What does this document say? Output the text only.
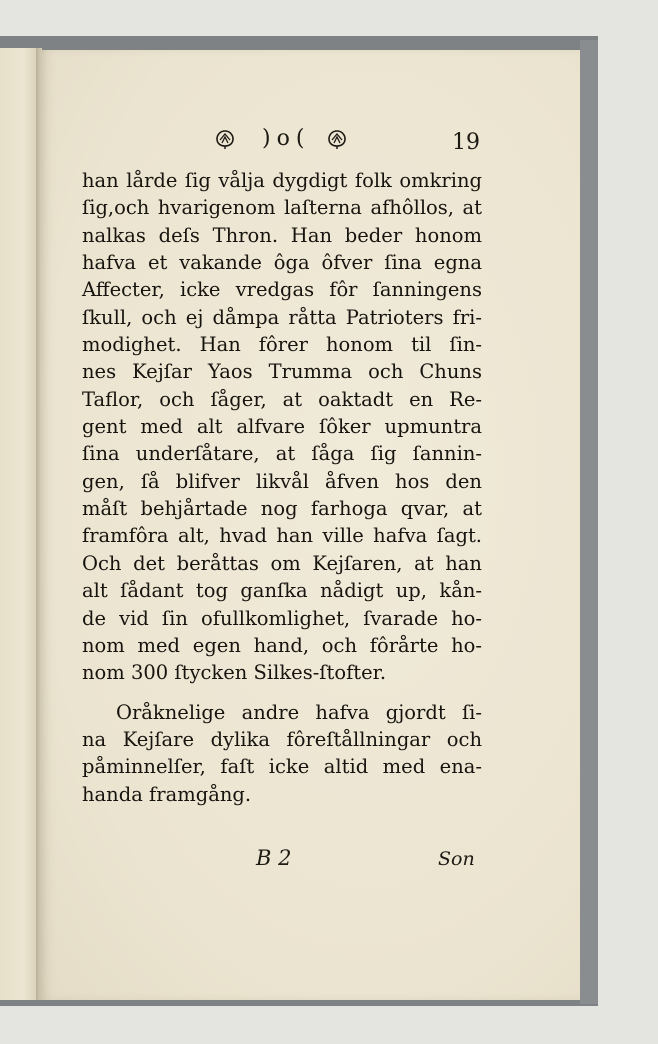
)o(	19
han lårde ſig vålja dygdigt folk omkring
ſig,och hvarigenom laſterna afhôllos, at
nalkas deſs Thron. Han beder honom
hafva et vakande ôga ôfver ſina egna
Affecter, icke vredgas fôr ſanningens
ſkull, och ej dåmpa råtta Patrioters fri-
modighet. Han fôrer honom til ſin-
nes Kejſar Yaos Trumma och Chuns
Taflor, och ſåger, at oaktadt en Re-
gent med alt alfvare ſôker upmuntra
ſina underſåtare, at ſåga ſig ſannin-
gen, ſå blifver likvål åfven hos den
måſt behjårtade nog farhoga qvar, at
framfôra alt, hvad han ville hafva ſagt.
Och det beråttas om Kejſaren, at han
alt ſådant tog ganſka nådigt up, kån-
de vid ſin ofullkomlighet, ſvarade ho-
nom med egen hand, och fôrårte ho-
nom 300 ſtycken Silkes-ſtofter.
Oråknelige andre hafva gjordt ſi-
na Kejſare dylika fôreſtållningar och
påminnelſer, faſt icke altid med ena-
handa framgång.
B 2	Son
